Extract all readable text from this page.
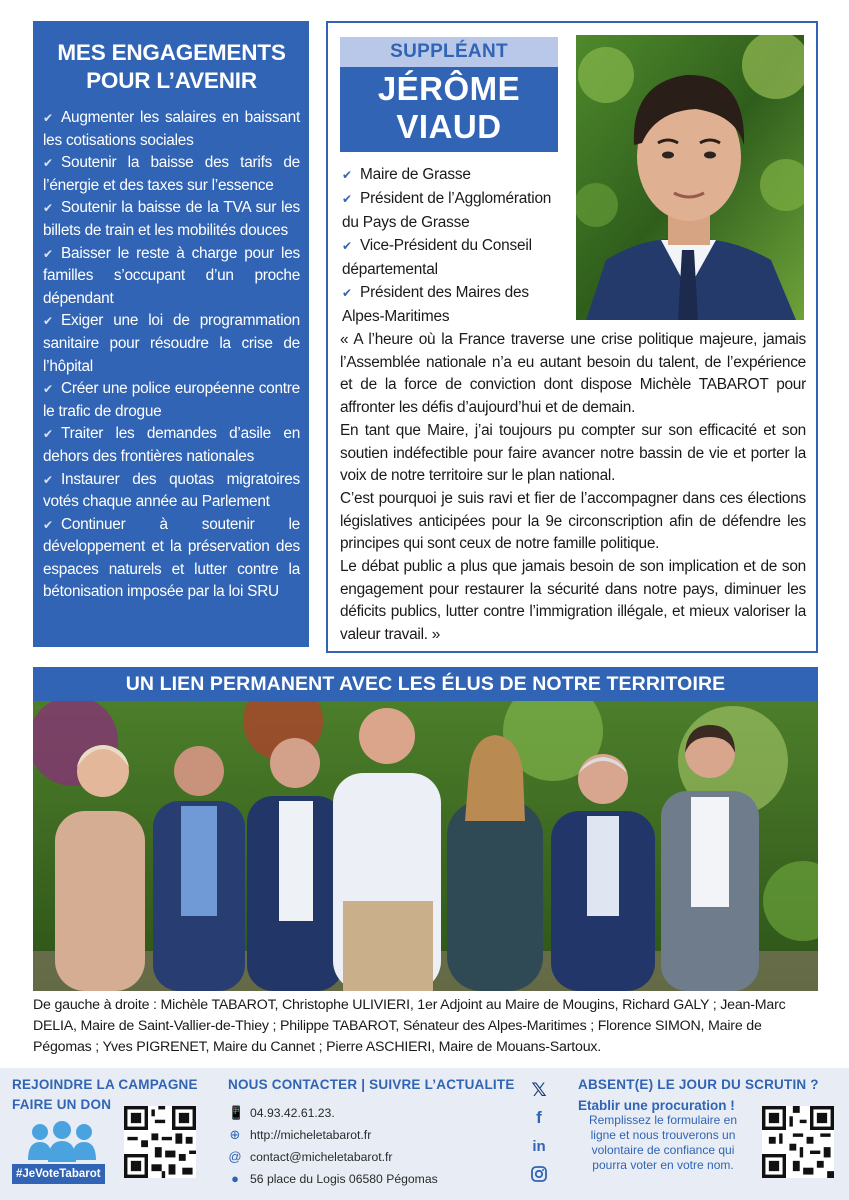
MES ENGAGEMENTS
POUR L’AVENIR
✔ Augmenter les salaires en baissant les cotisations sociales
✔ Soutenir la baisse des tarifs de l’énergie et des taxes sur l’essence
✔ Soutenir la baisse de la TVA sur les billets de train et les mobilités douces
✔ Baisser le reste à charge pour les familles s’occupant d’un proche dépendant
✔ Exiger une loi de programmation sanitaire pour résoudre la crise de l’hôpital
✔ Créer une police européenne contre le trafic de drogue
✔ Traiter les demandes d’asile en dehors des frontières nationales
✔ Instaurer des quotas migratoires votés chaque année au Parlement
✔ Continuer à soutenir le développement et la préservation des espaces naturels et lutter contre la bétonisation imposée par la loi SRU
SUPPLÉANT
JÉRÔME
VIAUD
✔ Maire de Grasse
✔ Président de l’Agglomération du Pays de Grasse
✔ Vice-Président du Conseil départemental
✔ Président des Maires des Alpes-Maritimes

« A l’heure où la France traverse une crise politique majeure, jamais l’Assemblée nationale n’a eu autant besoin du talent, de l’expérience et de la force de conviction dont dispose Michèle TABAROT pour affronter les défis d’aujourd’hui et de demain.

En tant que Maire, j’ai toujours pu compter sur son efficacité et son soutien indéfectible pour faire avancer notre bassin de vie et porter la voix de notre territoire sur le plan national.

C’est pourquoi je suis ravi et fier de l’accompagner dans ces élections législatives anticipées pour la 9e circonscription afin de défendre les principes qui sont ceux de notre famille politique.

Le débat public a plus que jamais besoin de son implication et de son engagement pour restaurer la sécurité dans notre pays, diminuer les déficits publics, lutter contre l’immigration illégale, et mieux valoriser la valeur travail. »

UN LIEN PERMANENT AVEC LES ÉLUS DE NOTRE TERRITOIRE
De gauche à droite : Michèle TABAROT, Christophe ULIVIERI, 1er Adjoint au Maire de Mougins, Richard GALY ; Jean-Marc DELIA, Maire de Saint-Vallier-de-Thiey ; Philippe TABAROT, Sénateur des Alpes-Maritimes ; Florence SIMON, Maire de Pégomas ; Yves PIGRENET, Maire du Cannet ; Pierre ASCHIERI, Maire de Mouans-Sartoux.
REJOINDRE LA CAMPAGNE
FAIRE UN DON
#JeVoteTabarot
NOUS CONTACTER | SUIVRE L’ACTUALITE
📱 04.93.42.61.23.
⊕ http://micheletabarot.fr
@ contact@micheletabarot.fr
● 56 place du Logis 06580 Pégomas
𝕏
f
in
ABSENT(E) LE JOUR DU SCRUTIN ?
Etablir une procuration !
Remplissez le formulaire en ligne et nous trouverons un volontaire de confiance qui pourra voter en votre nom.
